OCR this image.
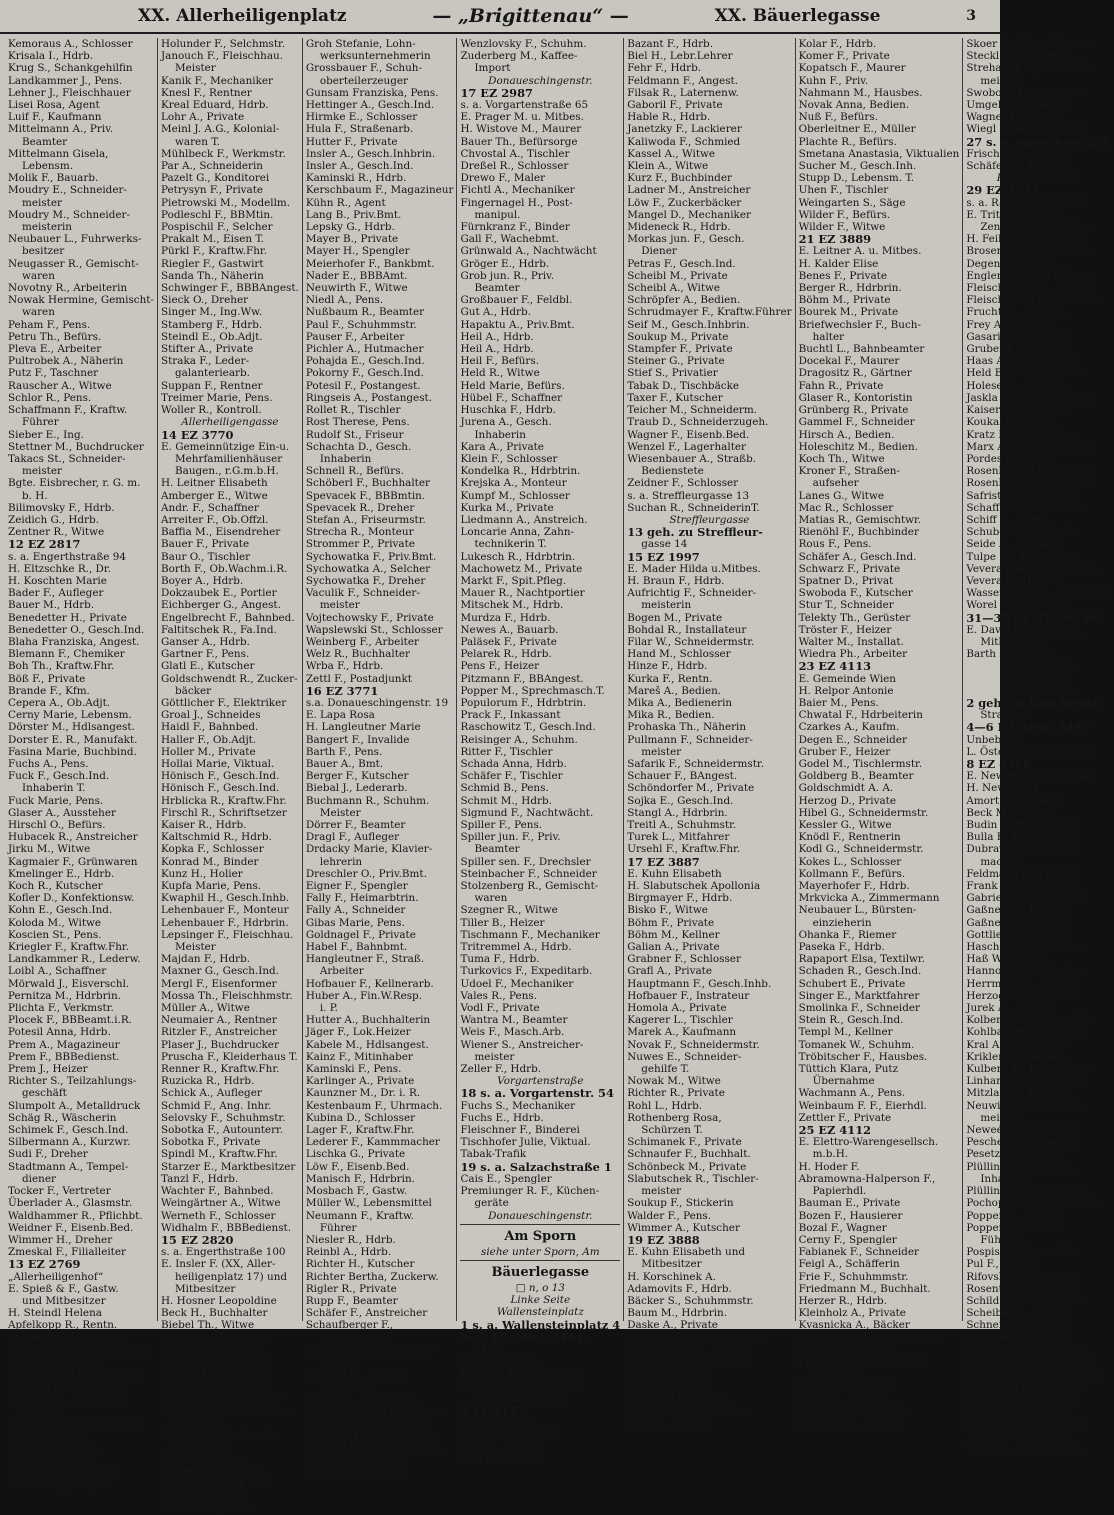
XX. Allerheiligenplatz	— „Brigittenau“ —	XX. Bäuerlegasse	3
Kemoraus A., Schlosser
Krisala I., Hdrb.
Krug S., Schankgehilfin
Landkammer J., Pens.
Lehner J., Fleischhauer
Lisei Rosa, Agent
Luif F., Kaufmann
Mittelmann A., Priv.
Beamter
Mittelmann Gisela,
Lebensm.
Molik F., Bauarb.
Moudry E., Schneider-
meister
Moudry M., Schneider-
meisterin
Neubauer L., Fuhrwerks-
besitzer
Neugasser R., Gemischt-
waren
Novotny R., Arbeiterin
Nowak Hermine, Gemischt-
waren
Peham F., Pens.
Petru Th., Befürs.
Pleva E., Arbeiter
Pultrobek A., Näherin
Putz F., Taschner
Rauscher A., Witwe
Schlor R., Pens.
Schaffmann F., Kraftw.
Führer
Sieber E., Ing.
Stettner M., Buchdrucker
Takacs St., Schneider-
meister
Bgte. Eisbrecher, r. G. m.
b. H.
Bilimovsky F., Hdrb.
Zeidich G., Hdrb.
Zentner R., Witwe
12 EZ 2817
s. a. Engerthstraße 94
H. Eltzschke R., Dr.
H. Koschten Marie
Bader F., Aufleger
Bauer M., Hdrb.
Benedetter H., Private
Benedetter O., Gesch.Ind.
Blaha Franziska, Angest.
Blemann F., Chemiker
Boh Th., Kraftw.Fhr.
Böß F., Private
Brande F., Kfm.
Cepera A., Ob.Adjt.
Cerny Marie, Lebensm.
Dörster M., Hdlsangest.
Dorster E. R., Manufakt.
Fasina Marie, Buchbind.
Fuchs A., Pens.
Fuck F., Gesch.Ind.
Inhaberin T.
Fuck Marie, Pens.
Glaser A., Aussteher
Hirschl O., Befürs.
Hubacek R., Anstreicher
Jirku M., Witwe
Kagmaier F., Grünwaren
Kmelinger E., Hdrb.
Koch R., Kutscher
Kofler D., Konfektionsw.
Kohn E., Gesch.Ind.
Koloda M., Witwe
Koscien St., Pens.
Kriegler F., Kraftw.Fhr.
Landkammer R., Lederw.
Loibl A., Schaffner
Mörwald J., Eisverschl.
Pernitza M., Hdrbrin.
Plichta F., Verkmstr.
Plocek F., BBBeamt.i.R.
Potesil Anna, Hdrb.
Prem A., Magazineur
Prem F., BBBedienst.
Prem J., Heizer
Richter S., Teilzahlungs-
geschäft
Slumpolt A., Metalldruck
Schäg R., Wäscherin
Schimek F., Gesch.Ind.
Silbermann A., Kurzwr.
Sudi F., Dreher
Stadtmann A., Tempel-
diener
Tocker F., Vertreter
Überlader A., Glasmstr.
Waldhammer R., Pflichbt.
Weidner F., Eisenb.Bed.
Wimmer H., Dreher
Zmeskal F., Filialleiter
13 EZ 2769
„Allerheiligenhof“
E. Spieß & F., Gastw.
und Mitbesitzer
H. Steindl Helena
Apfelkopp R., Rentn.
Bieder E., Kraftw.Fhr.
Bieder M., Gesch.Inhabrin.
Blank H., Private
Burgkardt H., Angestellt.
Dollisch R., Ing. Pens.
Doskocil S., Schneider
meister
Davidek J., Uhrkmstr. i.P.
Eby E., Dreher
Endl A., Hdrbrin.
Gotz E., Private
Hirschlager F., Hdrb.
Hofmann J., Angest.
Holunder F., Selchmstr.
Janouch F., Fleischhau.
Meister
Kanik F., Mechaniker
Knesl F., Rentner
Kreal Eduard, Hdrb.
Lohr A., Private
Meinl J. A.G., Kolonial-
waren T.
Mühlbeck F., Werkmstr.
Par A., Schneiderin
Pazelt G., Konditorei
Petrysyn F., Private
Pietrowski M., Modellm.
Podleschl F., BBMtin.
Pospischil F., Selcher
Prakalt M., Eisen T.
Pürkl F., Kraftw.Fhr.
Riegler F., Gastwirt
Sanda Th., Näherin
Schwinger F., BBBAngest.
Sieck O., Dreher
Singer M., Ing.Ww.
Stamberg F., Hdrb.
Steindl E., Ob.Adjt.
Stifter A., Private
Straka F., Leder-
galanteriearb.
Suppan F., Rentner
Treimer Marie, Pens.
Woller R., Kontroll.
Allerheiligengasse
14 EZ 3770
E. Gemeinnützige Ein-u.
Mehrfamilienhäuser
Baugen., r.G.m.b.H.
H. Leitner Elisabeth
Amberger E., Witwe
Andr. F., Schaffner
Arreiter F., Ob.Offzl.
Baffia M., Eisendreher
Bauer F., Private
Baur O., Tischler
Borth F., Ob.Wachm.i.R.
Boyer A., Hdrb.
Dokzaubek E., Portier
Eichberger G., Angest.
Engelbrecht F., Bahnbed.
Faltitschek R., Fa.Ind.
Ganser A., Hdrb.
Gartner F., Pens.
Glatl E., Kutscher
Goldschwendt R., Zucker-
bäcker
Göttlicher F., Elektriker
Groal J., Schneides
Haidl F., Bahnbed.
Haller F., Ob.Adjt.
Holler M., Private
Hollai Marie, Viktual.
Hönisch F., Gesch.Ind.
Hönisch F., Gesch.Ind.
Hrblicka R., Kraftw.Fhr.
Firschl R., Schriftsetzer
Kaiser R., Hdrb.
Kaltschmid R., Hdrb.
Kopka F., Schlosser
Konrad M., Binder
Kunz H., Holier
Kupfa Marie, Pens.
Kwaphil H., Gesch.Inhb.
Lehenbauer F., Monteur
Lehenbauer F., Hdrbrin.
Lepsinger F., Fleischhau.
Meister
Majdan F., Hdrb.
Maxner G., Gesch.Ind.
Mergl F., Eisenformer
Mossa Th., Fleischhmstr.
Müller A., Witwe
Neumaier A., Rentner
Ritzler F., Anstreicher
Plaser J., Buchdrucker
Pruscha F., Kleiderhaus T.
Renner R., Kraftw.Fhr.
Ruzicka R., Hdrb.
Schick A., Aufleger
Schmid F., Ang. Inhr.
Selovsky F., Schuhmstr.
Sobotka F., Autounterr.
Sobotka F., Private
Spindl M., Kraftw.Fhr.
Starzer E., Marktbesitzer
Tanzl F., Hdrb.
Wachter F., Bahnbed.
Weingärtner A., Witwe
Werneth F., Schlosser
Widhalm F., BBBedienst.
15 EZ 2820
s. a. Engerthstraße 100
E. Insler F. (XX, Aller-
heiligenplatz 17) und
Mitbesitzer
H. Hosner Leopoldine
Beck H., Buchhalter
Biebel Th., Witwe
Bittner R., BBBssist.
Blaschke B., Witwe
Bruck H., Elektriker
Burger F., Schneider
Chrobak F., Pension
Czerwenka F., Tischler
Chomaut M., Schneider-
meisterin
Dobrownik A., Gesch.
Inhaberin
Erti R., Kellner
Futtera A., Hdrbrin.
Geist R., Straßb.Bed.
Gratz R., Witwe
Görlich H., Hdrb.
Groh Stefanie, Lohn-
werksunternehmerin
Grossbauer F., Schuh-
oberteilerzeuger
Gunsam Franziska, Pens.
Hettinger A., Gesch.Ind.
Hirmke E., Schlosser
Hula F., Straßenarb.
Hutter F., Private
Insler A., Gesch.Inhbrin.
Insler A., Gesch.Ind.
Kaminski R., Hdrb.
Kerschbaum F., Magazineur
Kühn R., Agent
Lang B., Priv.Bmt.
Lepsky G., Hdrb.
Mayer B., Private
Mayer H., Spengler
Meierhofer F., Bankbmt.
Nader E., BBBAmt.
Neuwirth F., Witwe
Niedl A., Pens.
Nußbaum R., Beamter
Paul F., Schuhmmstr.
Pauser F., Arbeiter
Pichler A., Hutmacher
Pohajda E., Gesch.Ind.
Pokorny F., Gesch.Ind.
Potesil F., Postangest.
Ringseis A., Postangest.
Rollet R., Tischler
Rost Therese, Pens.
Rudolf St., Friseur
Schachta D., Gesch.
Inhaberin
Schnell R., Befürs.
Schöberl F., Buchhalter
Spevacek F., BBBmtin.
Spevacek R., Dreher
Stefan A., Friseurmstr.
Strecha R., Monteur
Strommer P., Private
Sychowatka F., Priv.Bmt.
Sychowatka A., Selcher
Sychowatka F., Dreher
Vaculik F., Schneider-
meister
Vojtechowsky F., Private
Wapslewski St., Schlosser
Weinberg F., Arbeiter
Welz R., Buchhalter
Wrba F., Hdrb.
Zettl F., Postadjunkt
16 EZ 3771
s.a. Donaueschingenstr. 19
E. Lapa Rosa
H. Langleutner Marie
Bangert F., Invalide
Barth F., Pens.
Bauer A., Bmt.
Berger F., Kutscher
Biebal J., Lederarb.
Buchmann R., Schuhm.
Meister
Dörrer F., Beamter
Dragl F., Aufleger
Drdacky Marie, Klavier-
lehrerin
Dreschler O., Priv.Bmt.
Eigner F., Spengler
Fally F., Heimarbtrin.
Fally A., Schneider
Gibas Marie, Pens.
Goldnagel F., Private
Habel F., Bahnbmt.
Hangleutner F., Straß.
Arbeiter
Hofbauer F., Kellnerarb.
Huber A., Fin.W.Resp.
i. P.
Hutter A., Buchhalterin
Jäger F., Lok.Heizer
Kabele M., Hdlsangest.
Kainz F., Mitinhaber
Kaminski F., Pens.
Karlinger A., Private
Kaunzner M., Dr. i. R.
Kestenbaum F., Uhrmach.
Kubina D., Schlosser
Lager F., Kraftw.Fhr.
Lederer F., Kammmacher
Lischka G., Private
Löw F., Eisenb.Bed.
Manisch F., Hdrbrin.
Mosbach F., Gastw.
Müller W., Lebensmittel
Neumann F., Kraftw.
Führer
Niesler R., Hdrb.
Reinbl A., Hdrb.
Richter H., Kutscher
Richter Bertha, Zuckerw.
Rigler R., Private
Rupp F., Beamter
Schäfer F., Anstreicher
Schaufberger F.,
Fleischhauer
Schiffner F., Dr., Rechts-
anwalt
Schram E., Gesch.
Inhaberin
Schöm R., Gesch.Ind.
Schwimmer R., Fuspfleger
Sellinger G., Schlosser
Sommer F., Schnittmach.
Soukup Leopoldine, Pens.
Steiner F., Ob.Adjt.
Zacek A., Büglerin
Wenzlovsky F., Schuhm.
Zuderberg M., Kaffee-
Import
Donaueschingenstr.
17 EZ 2987
s. a. Vorgartenstraße 65
E. Prager M. u. Mitbes.
H. Wistove M., Maurer
Bauer Th., Befürsorge
Chvostal A., Tischler
Dreßel R., Schlosser
Drewo F., Maler
Fichtl A., Mechaniker
Fingernagel H., Post-
manipul.
Fürnkranz F., Binder
Gall F., Wachebmt.
Grünwald A., Nachtwächt
Gröger E., Hdrb.
Grob jun. R., Priv.
Beamter
Großbauer F., Feldbl.
Gut A., Hdrb.
Hapaktu A., Priv.Bmt.
Heil A., Hdrb.
Heil A., Hdrb.
Heil F., Befürs.
Held R., Witwe
Held Marie, Befürs.
Hübel F., Schaffner
Huschka F., Hdrb.
Jurena A., Gesch.
Inhaberin
Kara A., Private
Klein F., Schlosser
Kondelka R., Hdrbtrin.
Krejska A., Monteur
Kumpf M., Schlosser
Kurka M., Private
Liedmann A., Anstreich.
Loncarie Anna, Zahn-
technikerin T.
Lukesch R., Hdrbtrin.
Machowetz M., Private
Markt F., Spit.Pfleg.
Mauer R., Nachtportier
Mitschek M., Hdrb.
Murdza F., Hdrb.
Newes A., Bauarb.
Paläsek F., Private
Pelarek R., Hdrb.
Pens F., Heizer
Pitzmann F., BBAngest.
Popper M., Sprechmasch.T.
Populorum F., Hdrbtrin.
Prack F., Inkassant
Raschowitz T., Gesch.Ind.
Reisinger A., Schuhm.
Ritter F., Tischler
Schada Anna, Hdrb.
Schäfer F., Tischler
Schmid B., Pens.
Schmit M., Hdrb.
Sigmund F., Nachtwächt.
Spiller F., Pens.
Spiller jun. F., Priv.
Beamter
Spiller sen. F., Drechsler
Steinbacher F., Schneider
Stolzenberg R., Gemischt-
waren
Szegner R., Witwe
Tiller B., Heizer
Tischmann F., Mechaniker
Tritremmel A., Hdrb.
Tuma F., Hdrb.
Turkovics F., Expeditarb.
Udoel F., Mechaniker
Vales R., Pens.
Vodl F., Private
Wantra M., Beamter
Weis F., Masch.Arb.
Wiener S., Anstreicher-
meister
Zeller F., Hdrb.
Vorgartenstraße
18 s. a. Vorgartenstr. 54
Fuchs S., Mechaniker
Fuchs E., Hdrb.
Fleischner F., Binderei
Tischhofer Julie, Viktual.
Tabak-Trafik
19 s. a. Salzachstraße 1
Cais E., Spengler
Premiunger R. F., Küchen-
geräte
Donaueschingenstr.
Am Sporn
siehe unter Sporn, Am
Bäuerlegasse
□ n, o 13
Linke Seite
Wallensteinplatz
1 s. a. Wallensteinplatz 4
3—7 EZ 2493, 2494,
2495
E. Rauch Rosa
Brauner Emma, Holz T.
Rettinger Emilie, Buch-
binderarbeiterin
9 EZ 4147
E. Pais Marie
H. Boyd F., Witwe
Pais W., Buchm.
Pais F., Tischler
Bazant F., Hdrb.
Biel H., Lebr.Lehrer
Fehr F., Hdrb.
Feldmann F., Angest.
Filsak R., Laternenw.
Gaboril F., Private
Hable R., Hdrb.
Janetzky F., Lackierer
Kaliwoda F., Schmied
Kassel A., Witwe
Klein A., Witwe
Kurz F., Buchbinder
Ladner M., Anstreicher
Löw F., Zuckerbäcker
Mangel D., Mechaniker
Mideneck R., Hdrb.
Morkas jun. F., Gesch.
Diener
Petras F., Gesch.Ind.
Scheibl M., Private
Scheibl A., Witwe
Schröpfer A., Bedien.
Schrudmayer F., Kraftw.Führer
Seif M., Gesch.Inhbrin.
Soukup M., Private
Stampfer F., Private
Steiner G., Private
Stief S., Privatier
Tabak D., Tischbäcke
Taxer F., Kutscher
Teicher M., Schneiderm.
Traub D., Schneiderzugeh.
Wagner F., Eisenb.Bed.
Wenzel F., Lagerhalter
Wiesenbauer A., Straßb.
Bedienstete
Zeidner F., Schlosser
s. a. Streffleurgasse 13
Suchan R., SchneiderinT.
Streffleurgasse
13 geh. zu Streffleur-
gasse 14
15 EZ 1997
E. Mader Hilda u.Mitbes.
H. Braun F., Hdrb.
Aufrichtig F., Schneider-
meisterin
Bogen M., Private
Bohdal R., Installateur
Filar W., Schneidermstr.
Hand M., Schlosser
Hinze F., Hdrb.
Kurka F., Rentn.
Mareš A., Bedien.
Mika A., Bedienerin
Mika R., Bedien.
Prohaska Th., Näherin
Pullmann F., Schneider-
meister
Safarik F., Schneidermstr.
Schauer F., BAngest.
Schöndorfer M., Private
Sojka E., Gesch.Ind.
Stangl A., Hdrbrin.
Treitl A., Schuhmstr.
Turek L., Mitfahrer
Ursehl F., Kraftw.Fhr.
17 EZ 3887
E. Kuhn Elisabeth
H. Slabutschek Apollonia
Birgmayer F., Hdrb.
Bisko F., Witwe
Böhm F., Private
Böhm M., Kellner
Galian A., Private
Grabner F., Schlosser
Grafl A., Private
Hauptmann F., Gesch.Inhb.
Hofbauer F., Instrateur
Homola A., Private
Kagerer L., Tischler
Marek A., Kaufmann
Novak F., Schneidermstr.
Nuwes E., Schneider-
gehilfe T.
Nowak M., Witwe
Richter R., Private
Rohl L., Hdrb.
Rothenberg Rosa,
Schürzen T.
Schimanek F., Private
Schnaufer F., Buchhalt.
Schönbeck M., Private
Slabutschek R., Tischler-
meister
Soukup F., Stickerin
Walder F., Pens.
Wimmer A., Kutscher
19 EZ 3888
E. Kuhn Elisabeth und
Mitbesitzer
H. Korschinek A.
Adamovits F., Hdrb.
Bäcker S., Schuhmmstr.
Baum M., Hdrbrin.
Daske A., Private
Faltitschek R., Kontoristin
Foltenbauer A., Bedien.
Göttlicher St., Gastwirt
Holer M., Maler
Kalina F., Pens.
Kawaller R., Hdrb.
Kreisel F., Gesch.Dien.
Kuhl R., Private
Kolar F., Hdrb.
Komer F., Private
Kopatsch F., Maurer
Kuhn F., Priv.
Nahmann M., Hausbes.
Novak Anna, Bedien.
Nuß F., Befürs.
Oberleitner E., Müller
Plachte R., Befürs.
Smetana Anastasia, Viktualien
Sucher M., Gesch.Inh.
Stupp D., Lebensm. T.
Uhen F., Tischler
Weingarten S., Säge
Wilder F., Befürs.
Wilder F., Witwe
21 EZ 3889
E. Leitner A. u. Mitbes.
H. Kalder Elise
Benes F., Private
Berger R., Hdrbrin.
Böhm M., Private
Bourek M., Private
Briefwechsler F., Buch-
halter
Buchtl L., Bahnbeamter
Docekal F., Maurer
Dragositz R., Gärtner
Fahn R., Private
Glaser R., Kontoristin
Grünberg R., Private
Gammel F., Schneider
Hirsch A., Bedien.
Holeschitz M., Bedien.
Koch Th., Witwe
Kroner F., Straßen-
aufseher
Lanes G., Witwe
Mac R., Schlosser
Matias R., Gemischtwr.
Rienöhl F., Buchbinder
Rous F., Pens.
Schäfer A., Gesch.Ind.
Schwarz F., Private
Spatner D., Privat
Swoboda F., Kutscher
Stur T., Schneider
Telekty Th., Gerüster
Tröster F., Heizer
Walter M., Installat.
Wiedra Ph., Arbeiter
23 EZ 4113
E. Gemeinde Wien
H. Relpor Antonie
Baier M., Pens.
Chwatal F., Hdrbeiterin
Czarkes A., Kaufm.
Degen E., Schneider
Gruber F., Heizer
Godel M., Tischlermstr.
Goldberg B., Beamter
Goldschmidt A. A.
Herzog D., Private
Hibel G., Schneidermstr.
Kessler G., Witwe
Knödl F., Rentnerin
Kodl G., Schneidermstr.
Kokes L., Schlosser
Kollmann F., Befürs.
Mayerhofer F., Hdrb.
Mrkvicka A., Zimmermann
Neubauer L., Bürsten-
einzieherin
Ohanka F., Riemer
Paseka F., Hdrb.
Rapaport Elsa, Textilwr.
Schaden R., Gesch.Ind.
Schubert E., Private
Singer E., Marktfahrer
Smolinka F., Schneider
Stein R., Gesch.Ind.
Templ M., Kellner
Tomanek W., Schuhm.
Tröbitscher F., Hausbes.
Tüttich Klara, Putz
Übernahme
Wachmann A., Pens.
Weinbaum F. F., Eierhdl.
Zettler F., Private
25 EZ 4112
E. Elettro-Warengesellsch.
m.b.H.
H. Hoder F.
Abramowna-Halperson F.,
Papierhdl.
Bauman E., Private
Bozen F., Hausierer
Bozal F., Wagner
Cerny F., Spengler
Fabianek F., Schneider
Feigl A., Schäfferin
Frie F., Schuhmmstr.
Friedmann M., Buchhalt.
Herzer R., Hdrb.
Kleinholz A., Private
Kvasnicka A., Bäcker
Langfelder B., Schriftsetz.
Pichler A., Witwe
Pingitzer R., Schneider-
meisterin
Puz F., Zimmerer
Ritter A., Witwe
Schengl R., Hdrbtrin.
Schwarz H., Witwe
Skoer F., Schneidermstr.
Steckl F., Pflasterer
Strehanek F., Schneider-
meister
Swoboda F., Kürschner
Umgeher F., Bäcker
Wagner F., Müller
Wiegl F., Rev.Insp. i. R.
27 s. a. Rauscherstr. 4
Frischer G., Kohlen
Schäfer A., Friseur
Rauscherstraße
29 EZ 1533
s. a. Rauscherstraße 3
E. Tritt Dvora (IX,
Zenkerg. 6) u.Mitbes.
H. Feikl R., Elektriker
Brosenbauer F., Private
Degen R., Witwe
Engler O., Relig.Lehrer
Fleischmann H., Private
Fleischmann R., Kutscher
Fruchtl F., Ob.Adjt.
Frey A., Lagerist
Gasarik M., Private
Gruber F., Beamter
Haas A., Hdrbeiterin
Held B., Tapeziermstr.
Holeset A., Bedien.
Jaskla A., Schuhmacher
Kaiser G., Friseurin
Koukal F., Agent
Kratz F., Privatlehrer
Marx A., Schirmmacher
Pordes R., Witwe
Rosenberger F., Private
Rosenblum B., Spirit. T.
Safristein F., Private
Schaffer F., Werkmstr.
Schiff A., Agent
Schubert R., Private
Seide A., Musiker
Tulpe M., Bedienerin
Vevera Eleonore, Bedien.
Vevera F., Tischler
Wassermann M., Schneider
Worel W., Gerüster
31—35 EZ 97, 98, 99
E. Davis Karoline und
Mitbesitzer
Barth F., Kohlen
Heistergasse
Rechte Seite
Karl Meißl-Str.
2 geh. zu Karl Meißl-
Straße 1
4—6 EZ 2496, 2497
Unbebaut
L. Österr. Credit-Anstalt
8 EZ 4168
E. Neweény Magdalena
H. Neweény J.
Amort R., Arbeiter
Beck M., Private
Budin T., Hausiererin
Bulla F., BBBeamter
Dubravsky F., Schuh-
macher
Feldmann L., Private
Frank F., Straßb.Bed.
Gabriel R., Hdrbeiterin
Gaßner M., Private
Gaßner R., Tischler
Gottlieb B., Private
Haschek F., Schneider
Haß W., Privat
Hannold F., Hdrbeiter
Herrmann F., Private
Herzog D., Friseurin
Jurek A., Private
Kolberger R., Schneider
Kohlbacher F., Private
Kral A., Hdrbeiterin
Krikler M., Bedien.
Kulberg R., Hutmacher
Linhart R., Kraftw.Fhr.
Mitzlaff R., Private
Neuwirth F., Tischler-
meister
Neweény R., Beamtin
Peschek F., Bürochef
Pesetz A., Private
Plüllinger E., Gesch.
Inhaberin
Plüllinger S., Kontorist
Pochop F., Galanteriearb.
Popper E., Private
Popper G., Kraftw.
Führer
Pospisil F., Journalist
Pul F., Köchin
Rifovsky M., Lagerist
Rosenthal F., Private
Schild R., Anstreicher
Scheiber R., Private
Schneider L., Pens.
Schiefer A., Private
Schwab L., Tischler T.
Stolnik F., Tischlermstr.
Spendhofer R., Anstreich.
Steinberg R., Ob.Adjt.
Steinmann F., Private
Studeny R., Heizer
Swoboda P., Schneider
Thonert F., Tischler
Weltz H., Hochangest.
